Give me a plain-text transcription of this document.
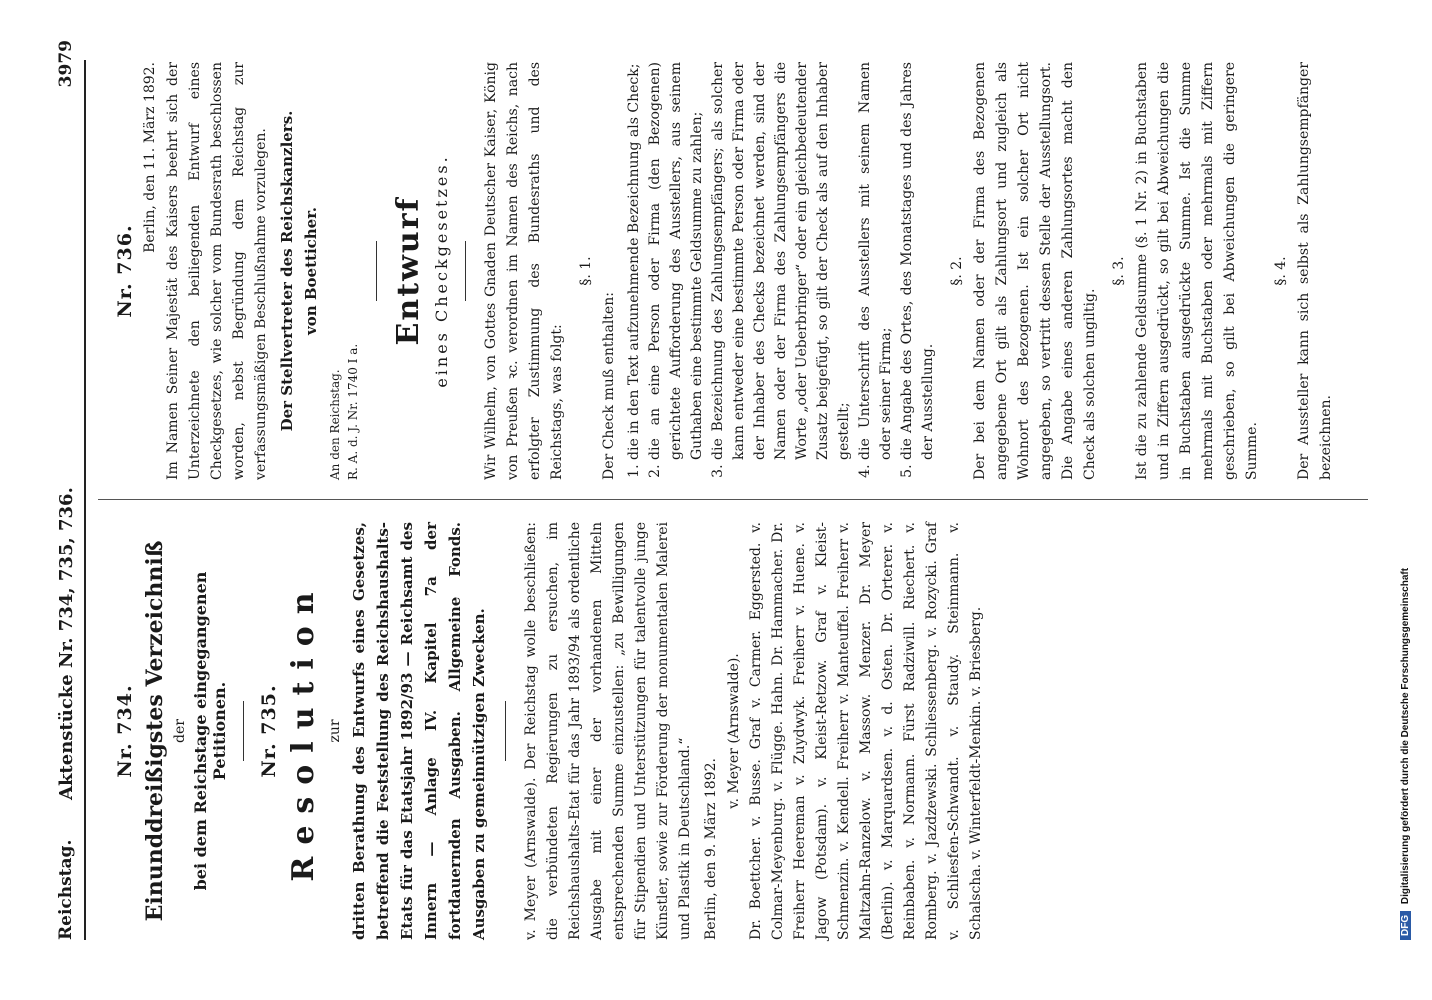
Reichstag.
Aktenstücke Nr. 734, 735, 736.
3979
Nr. 734. Einunddreißigstes Verzeichniß der bei dem Reichstage eingegangenen Petitionen. Nr. 735. Resolution zur dritten Berathung des Entwurfs eines Gesetzes, betreffend die Feststellung des Reichshaushalts-Etats für das Etatsjahr 1892/93 — Reichsamt des Innern — Anlage IV. Kapitel 7a der fortdauernden Ausgaben. Allgemeine Fonds. Ausgaben zu gemeinnützigen Zwecken.	v. Meyer (Arnswalde). Der Reichstag wolle beschließen: die verbündeten Regierungen zu ersuchen, im Reichshaushalts-Etat für das Jahr 1893/94 als ordentliche Ausgabe mit einer der vorhandenen Mitteln entsprechenden Summe einzustellen: „zu Bewilligungen für Stipendien und Unterstützungen für talentvolle junge Künstler, sowie zur Förderung der monumentalen Malerei und Plastik in Deutschland.“ Berlin, den 9. März 1892.
v. Meyer (Arnswalde). Dr. Boettcher. v. Busse. Graf v. Carmer. Eggersted. v. Colmar-Meyenburg. v. Flügge. Hahn. Dr. Hammacher. Dr. Freiherr Heereman v. Zuydwyk. Freiherr v. Huene. v. Jagow (Potsdam). v. Kleist-Retzow. Graf v. Kleist-Schmenzin. v. Kendell. Freiherr v. Manteuffel. Freiherr v. Maltzahn-Ranzelow. v. Massow. Menzer. Dr. Meyer (Berlin). v. Marquardsen. v. d. Osten. Dr. Orterer. v. Reinbaben. v. Normann. Fürst Radziwill. Riechert. v. Romberg. v. Jazdzewski. Schliessenberg. v. Rozycki. Graf v. Schliesfen-Schwandt. v. Staudy. Steinmann. v. Schalscha. v. Winterfeldt-Menkin. v. Briesberg.
Nr. 736.
Berlin, den 11. März 1892. Im Namen Seiner Majestät des Kaisers beehrt sich der Unterzeichnete den beiliegenden Entwurf eines Checkgesetzes, wie solcher vom Bundesrath beschlossen worden, nebst Begründung dem Reichstag zur verfassungsmäßigen Beschlußnahme vorzulegen. Der Stellvertreter des Reichskanzlers. von Boetticher.

An den Reichstag. R. A. d. J. Nr. 1740 I a.

Entwurf eines Checkgesetzes. Wir Wilhelm, von Gottes Gnaden Deutscher Kaiser, König von Preußen ꝛc. verordnen im Namen des Reichs, nach erfolgter Zustimmung des Bundesraths und des Reichstags, was folgt:
§. 1.
Der Check muß enthalten: 1. die in den Text aufzunehmende Bezeichnung als Check; 2. die an eine Person oder Firma (den Bezogenen) gerichtete Aufforderung des Ausstellers, aus seinem Guthaben eine bestimmte Geldsumme zu zahlen; 3. die Bezeichnung des Zahlungsempfängers; als solcher kann entweder eine bestimmte Person oder Firma oder der Inhaber des Checks bezeichnet werden, sind der Namen oder der Firma des Zahlungsempfängers die Worte „oder Ueberbringer“ oder ein gleichbedeutender Zusatz beigefügt, so gilt der Check als auf den Inhaber gestellt; 4. die Unterschrift des Ausstellers mit seinem Namen oder seiner Firma; 5. die Angabe des Ortes, des Monatstages und des Jahres der Ausstellung.
§. 2. Der bei dem Namen oder der Firma des Bezogenen angegebene Ort gilt als Zahlungsort und zugleich als Wohnort des Bezogenen. Ist ein solcher Ort nicht angegeben, so vertritt dessen Stelle der Ausstellungsort. Die Angabe eines anderen Zahlungsortes macht den Check als solchen ungiltig.
§. 3. Ist die zu zahlende Geldsumme (§. 1 Nr. 2) in Buchstaben und in Ziffern ausgedrückt, so gilt bei Abweichungen die in Buchstaben ausgedrückte Summe. Ist die Summe mehrmals mit Buchstaben oder mehrmals mit Ziffern geschrieben, so gilt bei Abweichungen die geringere Summe.
§. 4. Der Aussteller kann sich selbst als Zahlungsempfänger bezeichnen.
DFG Digitalisierung gefördert durch die Deutsche Forschungsgemeinschaft
